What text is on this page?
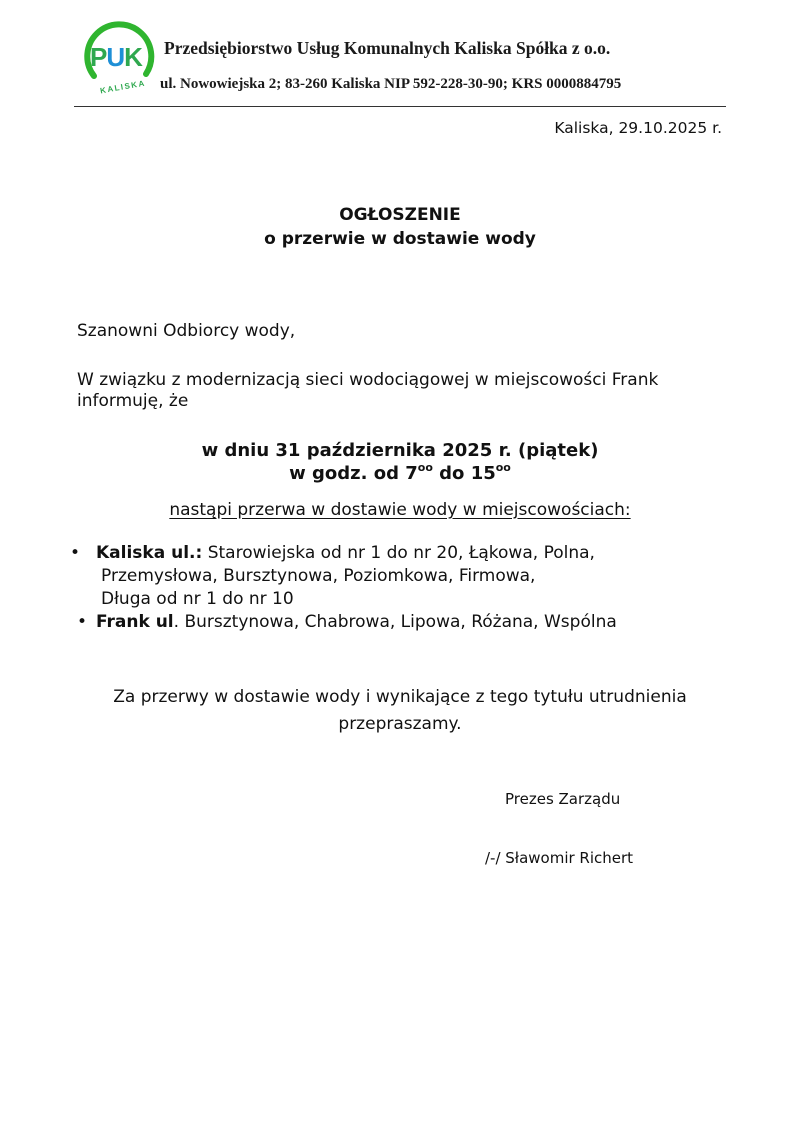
PUK
KALISKA
Przedsiębiorstwo Usług Komunalnych Kaliska Spółka z o.o.
ul. Nowowiejska 2; 83-260 Kaliska NIP 592-228-30-90; KRS 0000884795
Kaliska, 29.10.2025 r.
OGŁOSZENIE
o przerwie w dostawie wody
Szanowni Odbiorcy wody,
W związku z modernizacją sieci wodociągowej w miejscowości Frank informuję, że
w dniu 31 października 2025 r. (piątek)
w godz. od $7^{oo}$ do $15^{oo}$
nastąpi przerwa w dostawie wody w miejscowościach:
• Kaliska ul.: Starowiejska od nr 1 do nr 20, Łąkowa, Polna,
Przemysłowa, Bursztynowa, Poziomkowa, Firmowa,
Długa od nr 1 do nr 10
• Frank ul. Bursztynowa, Chabrowa, Lipowa, Różana, Wspólna
Za przerwy w dostawie wody i wynikające z tego tytułu utrudnienia
przepraszamy.
Prezes Zarządu
/-/ Sławomir Richert
